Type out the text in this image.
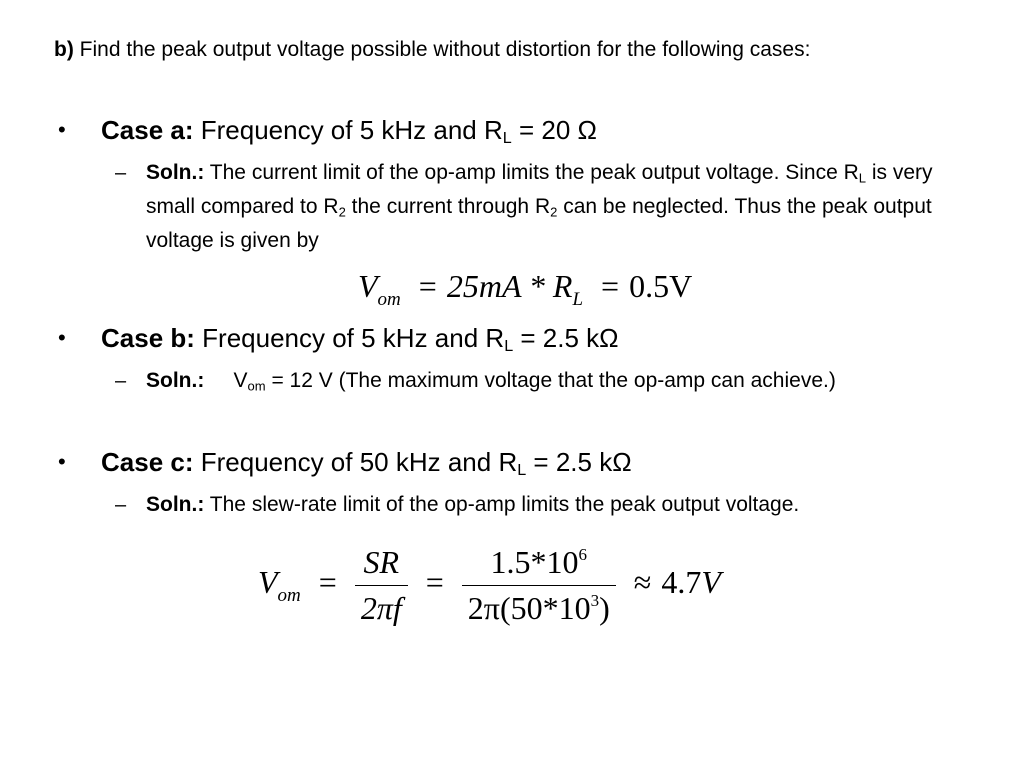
b) Find the peak output voltage possible without distortion for the following cases:
• Case a: Frequency of 5 kHz and $R_L = 20$ Ω
– Soln.: The current limit of the op-amp limits the peak output voltage. Since $R_L$ is very small compared to $R_2$ the current through $R_2$ can be neglected. Thus the peak output voltage is given by
$V_{om} = 25mA * R_L = 0.5V$
• Case b: Frequency of 5 kHz and $R_L = 2.5$ kΩ
– Soln.: $V_{om} = 12$ V (The maximum voltage that the op-amp can achieve.)
• Case c: Frequency of 50 kHz and $R_L = 2.5$ kΩ
– Soln.: The slew-rate limit of the op-amp limits the peak output voltage.
$V_{om} = \frac{SR}{2\pi f} = \frac{1.5*10^6}{2\pi(50*10^3)} \approx 4.7V$
